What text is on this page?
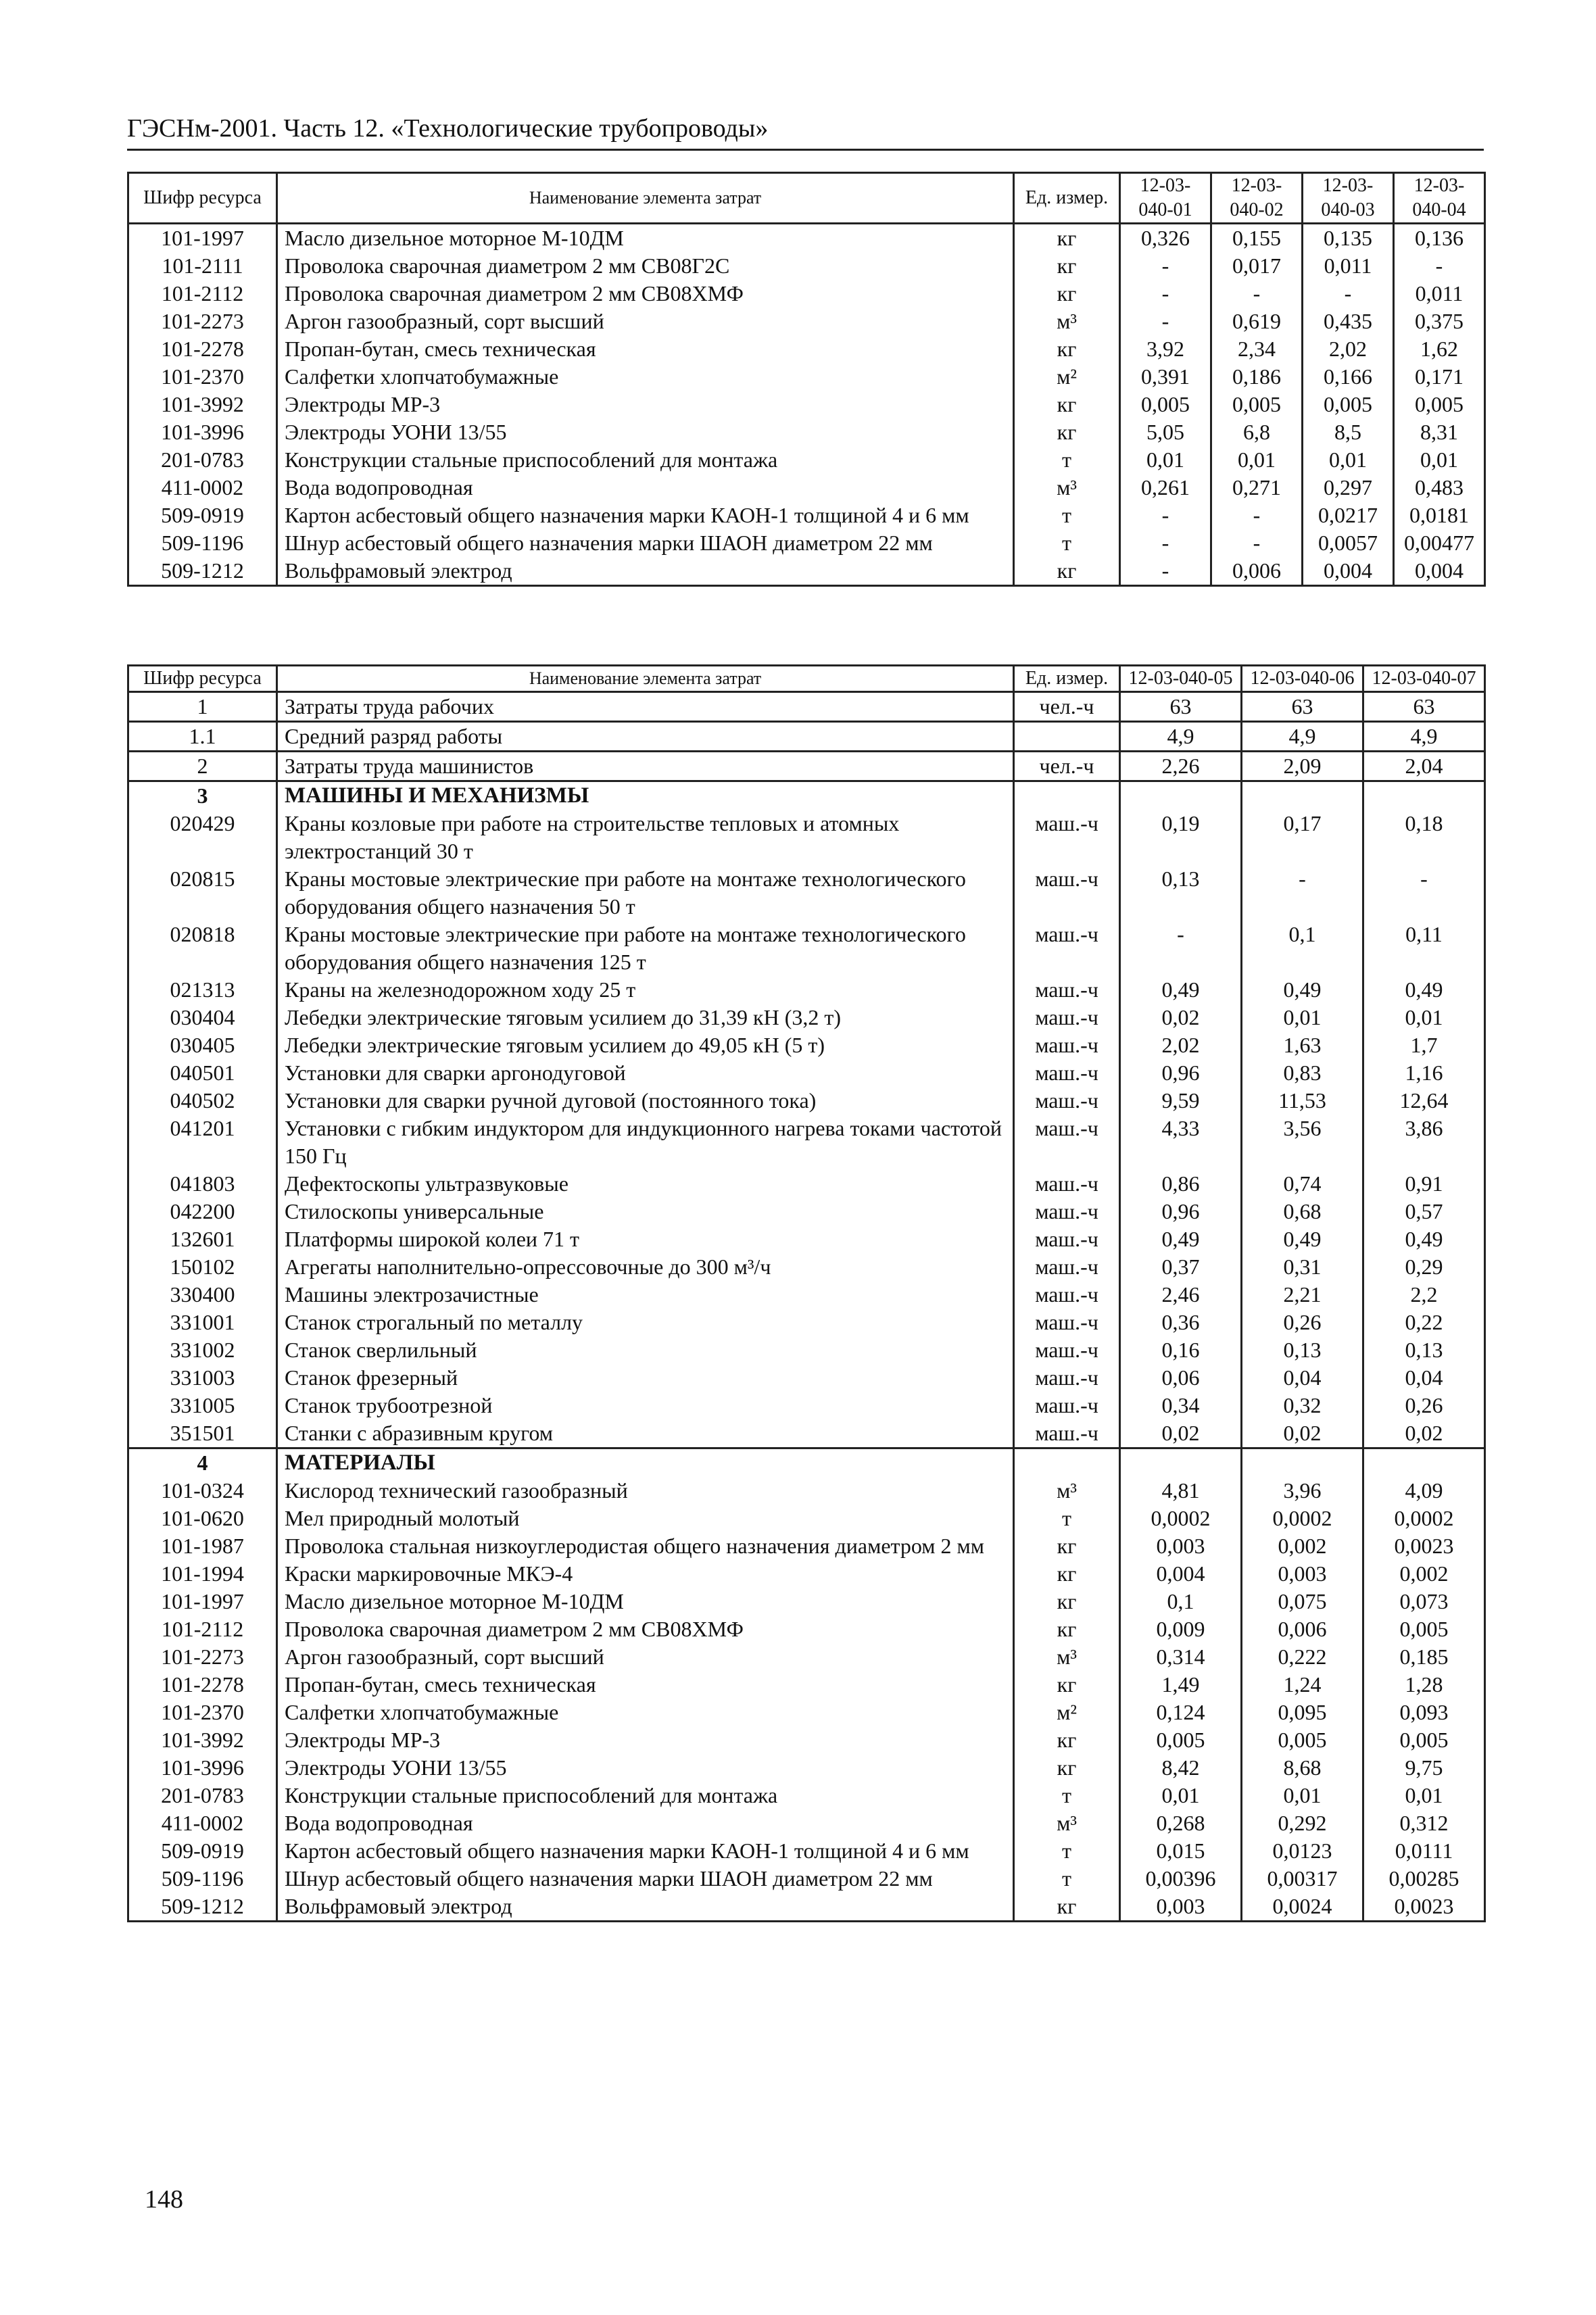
ГЭСНм-2001. Часть 12. «Технологические трубопроводы»
Шифр ресурса	Наименование элемента затрат	Ед. измер.	12-03-040-01	12-03-040-02	12-03-040-03	12-03-040-04
101-1997	Масло дизельное моторное М-10ДМ	кг	0,326	0,155	0,135	0,136
101-2111	Проволока сварочная диаметром 2 мм СВ08Г2С	кг	-	0,017	0,011	-
101-2112	Проволока сварочная диаметром 2 мм СВ08ХМФ	кг	-	-	-	0,011
101-2273	Аргон газообразный, сорт высший	м³	-	0,619	0,435	0,375
101-2278	Пропан-бутан, смесь техническая	кг	3,92	2,34	2,02	1,62
101-2370	Салфетки хлопчатобумажные	м²	0,391	0,186	0,166	0,171
101-3992	Электроды МР-3	кг	0,005	0,005	0,005	0,005
101-3996	Электроды УОНИ 13/55	кг	5,05	6,8	8,5	8,31
201-0783	Конструкции стальные приспособлений для монтажа	т	0,01	0,01	0,01	0,01
411-0002	Вода водопроводная	м³	0,261	0,271	0,297	0,483
509-0919	Картон асбестовый общего назначения марки КАОН-1 толщиной 4 и 6 мм	т	-	-	0,0217	0,0181
509-1196	Шнур асбестовый общего назначения марки ШАОН диаметром 22 мм	т	-	-	0,0057	0,00477
509-1212	Вольфрамовый электрод	кг	-	0,006	0,004	0,004
Шифр ресурса	Наименование элемента затрат	Ед. измер.	12-03-040-05	12-03-040-06	12-03-040-07
1	Затраты труда рабочих	чел.-ч	63	63	63
1.1	Средний разряд работы		4,9	4,9	4,9
2	Затраты труда машинистов	чел.-ч	2,26	2,09	2,04
3	МАШИНЫ И МЕХАНИЗМЫ				
020429	Краны козловые при работе на строительстве тепловых и атомных электростанций 30 т	маш.-ч	0,19	0,17	0,18
020815	Краны мостовые электрические при работе на монтаже технологического оборудования общего назначения 50 т	маш.-ч	0,13	-	-
020818	Краны мостовые электрические при работе на монтаже технологического оборудования общего назначения 125 т	маш.-ч	-	0,1	0,11
021313	Краны на железнодорожном ходу 25 т	маш.-ч	0,49	0,49	0,49
030404	Лебедки электрические тяговым усилием до 31,39 кН (3,2 т)	маш.-ч	0,02	0,01	0,01
030405	Лебедки электрические тяговым усилием до 49,05 кН (5 т)	маш.-ч	2,02	1,63	1,7
040501	Установки для сварки аргонодуговой	маш.-ч	0,96	0,83	1,16
040502	Установки для сварки ручной дуговой (постоянного тока)	маш.-ч	9,59	11,53	12,64
041201	Установки с гибким индуктором для индукционного нагрева токами частотой 150 Гц	маш.-ч	4,33	3,56	3,86
041803	Дефектоскопы ультразвуковые	маш.-ч	0,86	0,74	0,91
042200	Стилоскопы универсальные	маш.-ч	0,96	0,68	0,57
132601	Платформы широкой колеи 71 т	маш.-ч	0,49	0,49	0,49
150102	Агрегаты наполнительно-опрессовочные до 300 м³/ч	маш.-ч	0,37	0,31	0,29
330400	Машины электрозачистные	маш.-ч	2,46	2,21	2,2
331001	Станок строгальный по металлу	маш.-ч	0,36	0,26	0,22
331002	Станок сверлильный	маш.-ч	0,16	0,13	0,13
331003	Станок фрезерный	маш.-ч	0,06	0,04	0,04
331005	Станок трубоотрезной	маш.-ч	0,34	0,32	0,26
351501	Станки с абразивным кругом	маш.-ч	0,02	0,02	0,02
4	МАТЕРИАЛЫ				
101-0324	Кислород технический газообразный	м³	4,81	3,96	4,09
101-0620	Мел природный молотый	т	0,0002	0,0002	0,0002
101-1987	Проволока стальная низкоуглеродистая общего назначения диаметром 2 мм	кг	0,003	0,002	0,0023
101-1994	Краски маркировочные МКЭ-4	кг	0,004	0,003	0,002
101-1997	Масло дизельное моторное М-10ДМ	кг	0,1	0,075	0,073
101-2112	Проволока сварочная диаметром 2 мм СВ08ХМФ	кг	0,009	0,006	0,005
101-2273	Аргон газообразный, сорт высший	м³	0,314	0,222	0,185
101-2278	Пропан-бутан, смесь техническая	кг	1,49	1,24	1,28
101-2370	Салфетки хлопчатобумажные	м²	0,124	0,095	0,093
101-3992	Электроды МР-3	кг	0,005	0,005	0,005
101-3996	Электроды УОНИ 13/55	кг	8,42	8,68	9,75
201-0783	Конструкции стальные приспособлений для монтажа	т	0,01	0,01	0,01
411-0002	Вода водопроводная	м³	0,268	0,292	0,312
509-0919	Картон асбестовый общего назначения марки КАОН-1 толщиной 4 и 6 мм	т	0,015	0,0123	0,0111
509-1196	Шнур асбестовый общего назначения марки ШАОН диаметром 22 мм	т	0,00396	0,00317	0,00285
509-1212	Вольфрамовый электрод	кг	0,003	0,0024	0,0023
148
